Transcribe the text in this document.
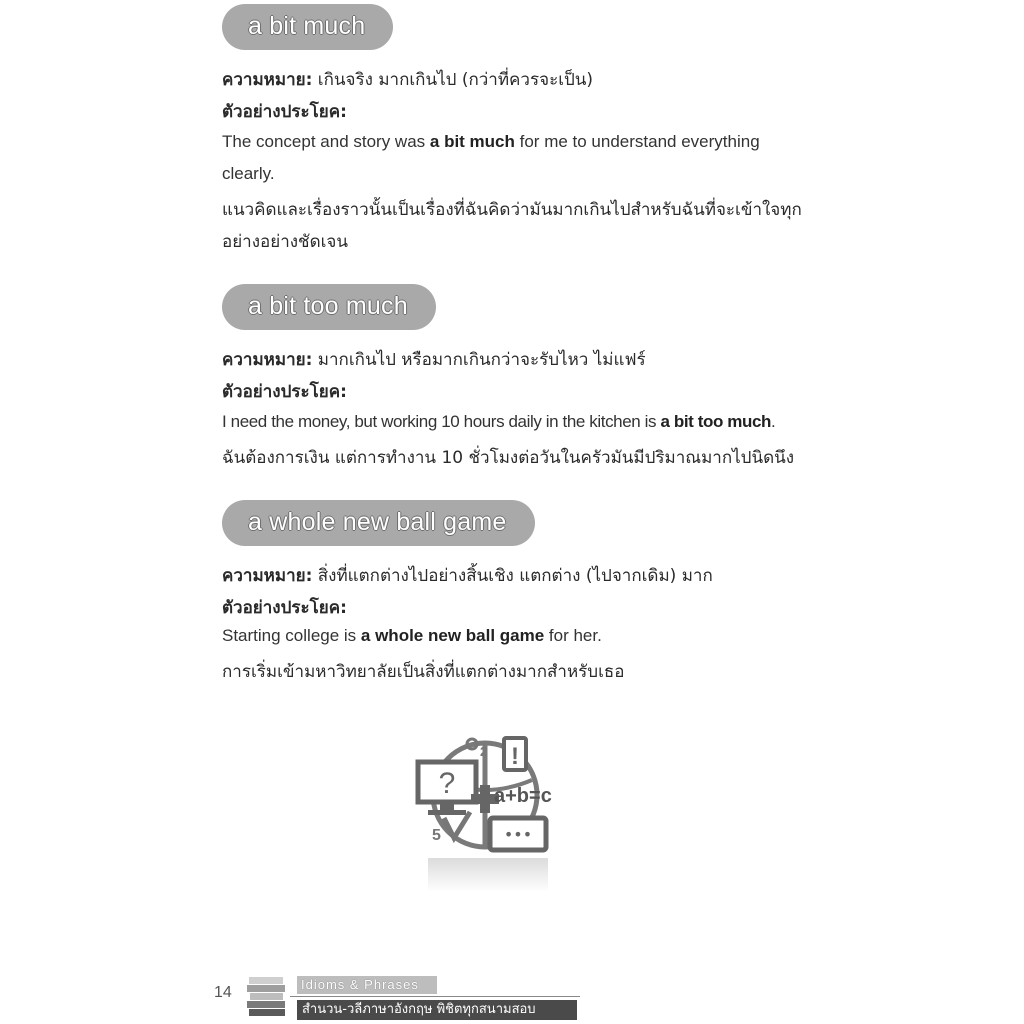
a bit much
ความหมาย: เกินจริง มากเกินไป (กว่าที่ควรจะเป็น)
ตัวอย่างประโยค:
The concept and story was a bit much for me to understand everything
clearly.
แนวคิดและเรื่องราวนั้นเป็นเรื่องที่ฉันคิดว่ามันมากเกินไปสำหรับฉันที่จะเข้าใจทุก
อย่างอย่างชัดเจน
a bit too much
ความหมาย: มากเกินไป หรือมากเกินกว่าจะรับไหว ไม่แฟร์
ตัวอย่างประโยค:
I need the money, but working 10 hours daily in the kitchen is a bit too much.
ฉันต้องการเงิน แต่การทำงาน 10 ชั่วโมงต่อวันในครัวมันมีปริมาณมากไปนิดนึง
a whole new ball game
ความหมาย: สิ่งที่แตกต่างไปอย่างสิ้นเชิง แตกต่าง (ไปจากเดิม) มาก
ตัวอย่างประโยค:
Starting college is a whole new ball game for her.
การเริ่มเข้ามหาวิทยาลัยเป็นสิ่งที่แตกต่างมากสำหรับเธอ
?
!
2
a+b=c
5	•••
14	Idioms & Phrases
สำนวน-วลีภาษาอังกฤษ พิชิตทุกสนามสอบ
